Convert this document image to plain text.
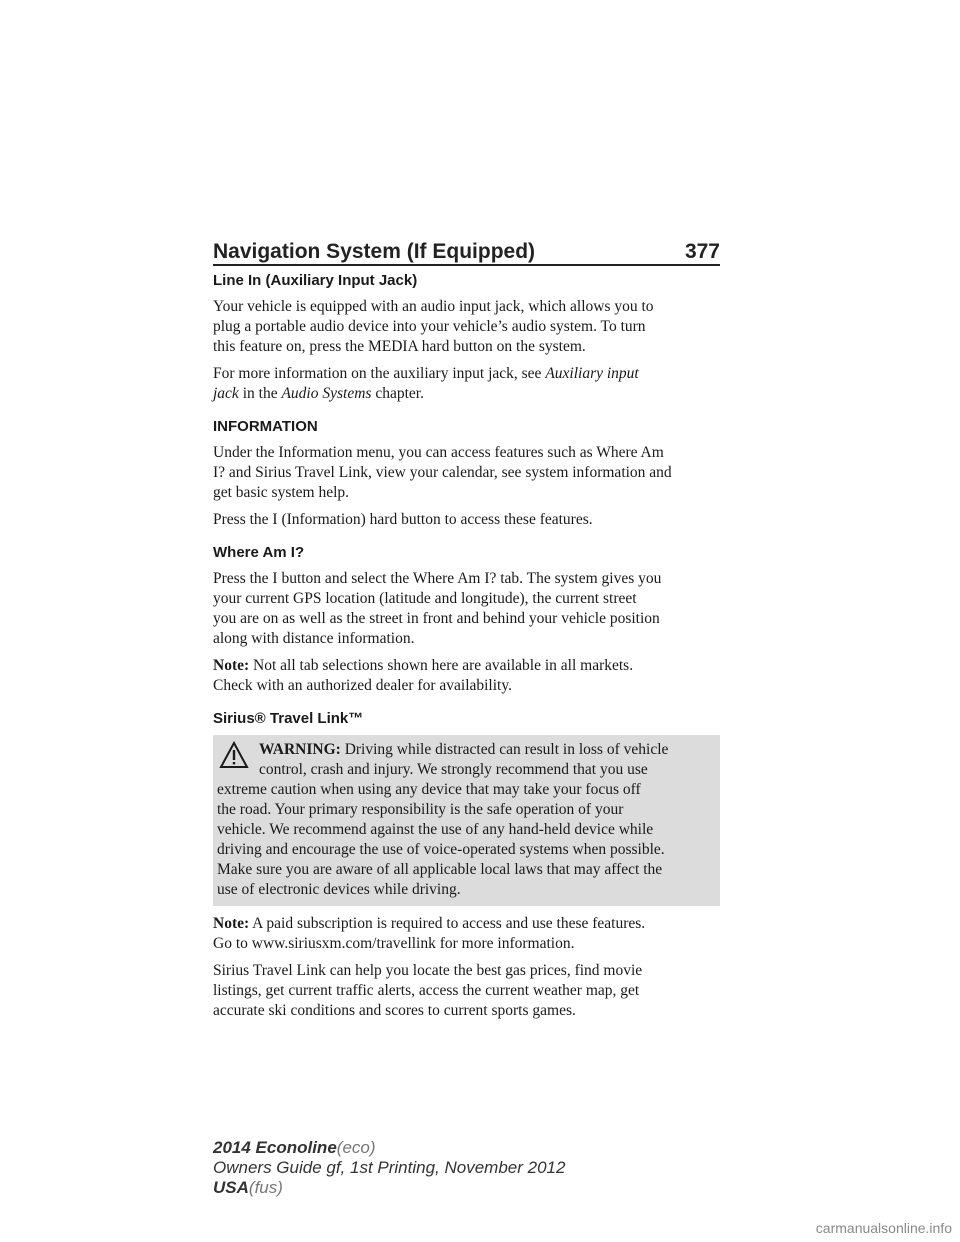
Navigation System (If Equipped)	377
Line In (Auxiliary Input Jack)

Your vehicle is equipped with an audio input jack, which allows you to
plug a portable audio device into your vehicle’s audio system. To turn
this feature on, press the MEDIA hard button on the system.

For more information on the auxiliary input jack, see Auxiliary input
jack in the Audio Systems chapter.

INFORMATION

Under the Information menu, you can access features such as Where Am
I? and Sirius Travel Link, view your calendar, see system information and
get basic system help.

Press the I (Information) hard button to access these features.

Where Am I?

Press the I button and select the Where Am I? tab. The system gives you
your current GPS location (latitude and longitude), the current street
you are on as well as the street in front and behind your vehicle position
along with distance information.

Note: Not all tab selections shown here are available in all markets.
Check with an authorized dealer for availability.

Sirius® Travel Link™
WARNING: Driving while distracted can result in loss of vehicle
control, crash and injury. We strongly recommend that you use
extreme caution when using any device that may take your focus off
the road. Your primary responsibility is the safe operation of your
vehicle. We recommend against the use of any hand-held device while
driving and encourage the use of voice-operated systems when possible.
Make sure you are aware of all applicable local laws that may affect the
use of electronic devices while driving.

Note: A paid subscription is required to access and use these features.
Go to www.siriusxm.com/travellink for more information.

Sirius Travel Link can help you locate the best gas prices, find movie
listings, get current traffic alerts, access the current weather map, get
accurate ski conditions and scores to current sports games.

2014 Econoline(eco)
Owners Guide gf, 1st Printing, November 2012
USA(fus)
carmanualsonline.info
